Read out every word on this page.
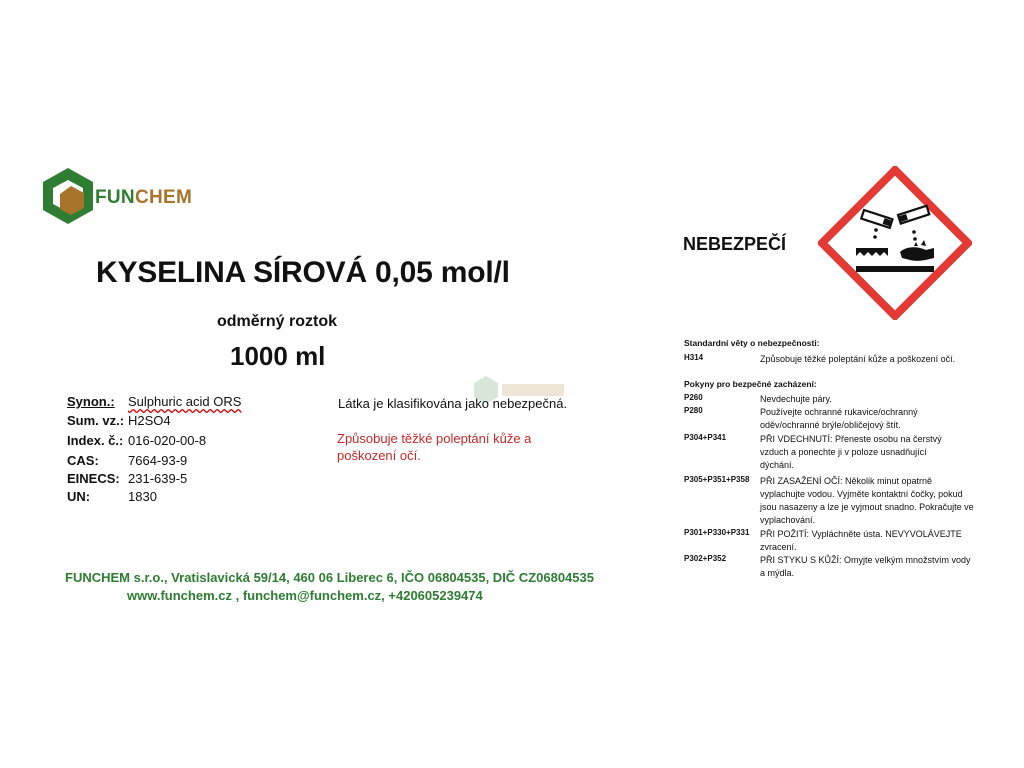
FUNCHEM
KYSELINA SÍROVÁ 0,05 mol/l
odměrný roztok
1000 ml
Synon.: Sulphuric acid ORS
Sum. vz.: H2SO4
Index. č.: 016-020-00-8
CAS: 7664-93-9
EINECS: 231-639-5
UN:	1830
Látka je klasifikována jako nebezpečná.
Způsobuje těžké poleptání kůže a poškození očí.
FUNCHEM s.r.o., Vratislavická 59/14, 460 06 Liberec 6, IČO 06804535, DIČ CZ06804535
www.funchem.cz , funchem@funchem.cz, +420605239474
NEBEZPEČÍ
Standardní věty o nebezpečnosti:
H314	Způsobuje těžké poleptání kůže a poškození očí.
Pokyny pro bezpečné zacházení:
P260	Nevdechujte páry.
P280	Používejte ochranné rukavice/ochranný oděv/ochranné brýle/obličejový štít.
P304+P341	PŘI VDECHNUTÍ: Přeneste osobu na čerstvý vzduch a ponechte ji v poloze usnadňující dýchání.
P305+P351+P358 PŘI ZASAŽENÍ OČÍ: Několik minut opatrně vyplachujte vodou. Vyjměte kontaktní čočky, pokud jsou nasazeny a lze je vyjmout snadno. Pokračujte ve vyplachování.
P301+P330+P331 PŘI POŽITÍ: Vypláchněte ústa. NEVYVOLÁVEJTE zvracení.
P302+P352	PŘI STYKU S KŮŽÍ: Omyjte velkým množstvím vody a mýdla.
